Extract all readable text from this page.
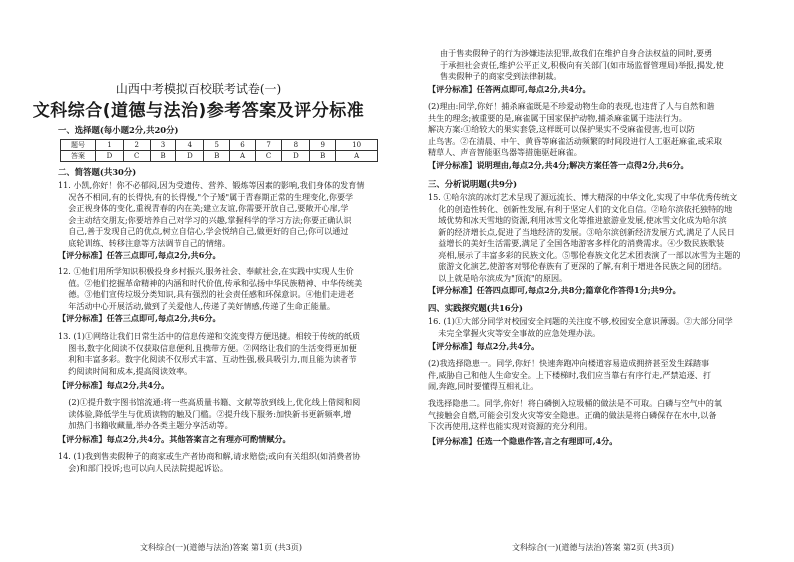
山西中考模拟百校联考试卷(一)

文科综合(道德与法治)参考答案及评分标准

一、选择题(每小题2分,共20分)

题号	1	2	3	4	5	6	7	8	9	10
答案	D	C	B	D	B	A	C	D	B	A

二、简答题(共30分)

11. 小凯,你好！你不必郁闷,因为受遗传、营养、锻炼等因素的影响,我们身体的发育情
况各不相同,有的长得快,有的长得慢,"个子矮"属于青春期正常的生理变化,你要学
会正视身体的变化,重视青春的内在美;建立友谊,你需要开放自己,要敞开心扉,学
会主动结交朋友;你要培养自己对学习的兴趣,掌握科学的学习方法;你要正确认识
自己,善于发现自己的优点,树立自信心,学会悦纳自己,做更好的自己;你可以通过
底轮训练、转移注意等方法调节自己的情绪。

【评分标准】任答三点即可,每点2分,共6分。

12. ①他们用所学知识积极投身乡村振兴,服务社会、奉献社会,在实践中实现人生价
值。②他们挖掘革命精神的内涵和时代价值,传承和弘扬中华民族精神、中华传统美
德。③他们宣传垃圾分类知识,具有强烈的社会责任感和环保意识。④他们走进老
年活动中心开展活动,做到了关爱他人,传递了美好情感,传递了生命正能量。

【评分标准】任答三点即可,每点2分,共6分。

13. (1)①网络让我们日常生活中的信息传递和交流变得方便迅捷。相较于传统的纸质
图书,数字化阅读不仅获取信息便利,且携带方便。②网络让我们的生活变得更加便
利和丰富多彩。数字化阅读不仅形式丰富、互动性强,极具吸引力,而且能为读者节
约阅读时间和成本,提高阅读效率。

【评分标准】每点2分,共4分。

(2)①提升数字图书馆流通:将一些高质量书籍、文献等放到线上,优化线上借阅和阅
读体验,降低学生与优质读物的触及门槛。②提升线下服务:加快新书更新频率,增
加热门书籍收藏量,举办各类主题分享活动等。

【评分标准】每点2分,共4分。其他答案言之有理亦可酌情赋分。

14. (1)我到售卖假种子的商家或生产者协商和解,请求赔偿;或向有关组织(如消费者协
会)和部门投诉;也可以向人民法院提起诉讼。

文科综合(一)(道德与法治)答案 第1页 (共3页)

由于售卖假种子的行为涉嫌违法犯罪,故我们在维护自身合法权益的同时,要勇
于承担社会责任,维护公平正义,积极向有关部门(如市场监督管理局)举报,揭发,使
售卖假种子的商家受到法律制裁。

【评分标准】任答两点即可,每点2分,共4分。

(2)理由:同学,你好！捕杀麻雀既是不珍爱动物生命的表现,也违背了人与自然和谐
共生的理念;被重要的是,麻雀属于国家保护动物,捕杀麻雀属于违法行为。
解决方案:①给较大的果实套袋,这样既可以保护果实不受麻雀侵害,也可以防
止鸟害。②在清晨、中午、黄昏等麻雀活动频繁的时间段进行人工驱赶麻雀,或采取
精草人、声音智能驱鸟器等措施驱赶麻雀。

【评分标准】说明理由,每点2分,共4分;解决方案任答一点得2分,共6分。

三、分析说明题(共9分)

15. ①哈尔滨的冰灯艺术呈现了源远流长、博大精深的中华文化,实现了中华优秀传统文
化的创造性转化、创新性发展,有利于坚定人们的文化自信。②哈尔滨依托独特的地
域优势和冰天雪地的资源,利用冰雪文化等推进旅游业发展,使冰雪文化成为哈尔滨
新的经济增长点,促进了当地经济的发展。③哈尔滨创新经济发展方式,满足了人民日
益增长的美好生活需要,满足了全国各地游客多样化的消费需求。④少数民族歌装
亮相,展示了丰富多彩的民族文化。⑤鄂伦春族文化艺术团表演了一部以冰雪为主题的
旅游文化演艺,使游客对鄂伦春族有了更深的了解,有利于增进各民族之间的团结。
以上就是哈尔滨成为"顶流"的原因。

【评分标准】任答四点即可,每点2分,共8分;篇章化作答得1分;共9分。

四、实践探究题(共16分)

16. (1)①大部分同学对校园安全问题的关注度不够,校园安全意识薄弱。②大部分同学
未完全掌握火灾等安全事故的应急处理办法。

【评分标准】每点2分,共4分。

(2)我选择隐患一。同学,你好！快速奔跑冲向楼道容易造成拥挤甚至发生踩踏事
件,威胁自己和他人生命安全。上下楼梯时,我们应当靠右有序行走,严禁追逐、打
闹,奔跑,同时要懂得互相礼让。

我选择隐患二。同学,你好！将白磷倒入垃圾桶的做法是不可取。白磷与空气中的氧
气接触会自燃,可能会引发火灾等安全隐患。正确的做法是将白磷保存在水中,以备
下次再使用,这样也能实现对资源的充分利用。

【评分标准】任选一个隐患作答,言之有理即可,4分。

文科综合(一)(道德与法治)答案 第2页 (共3页)
